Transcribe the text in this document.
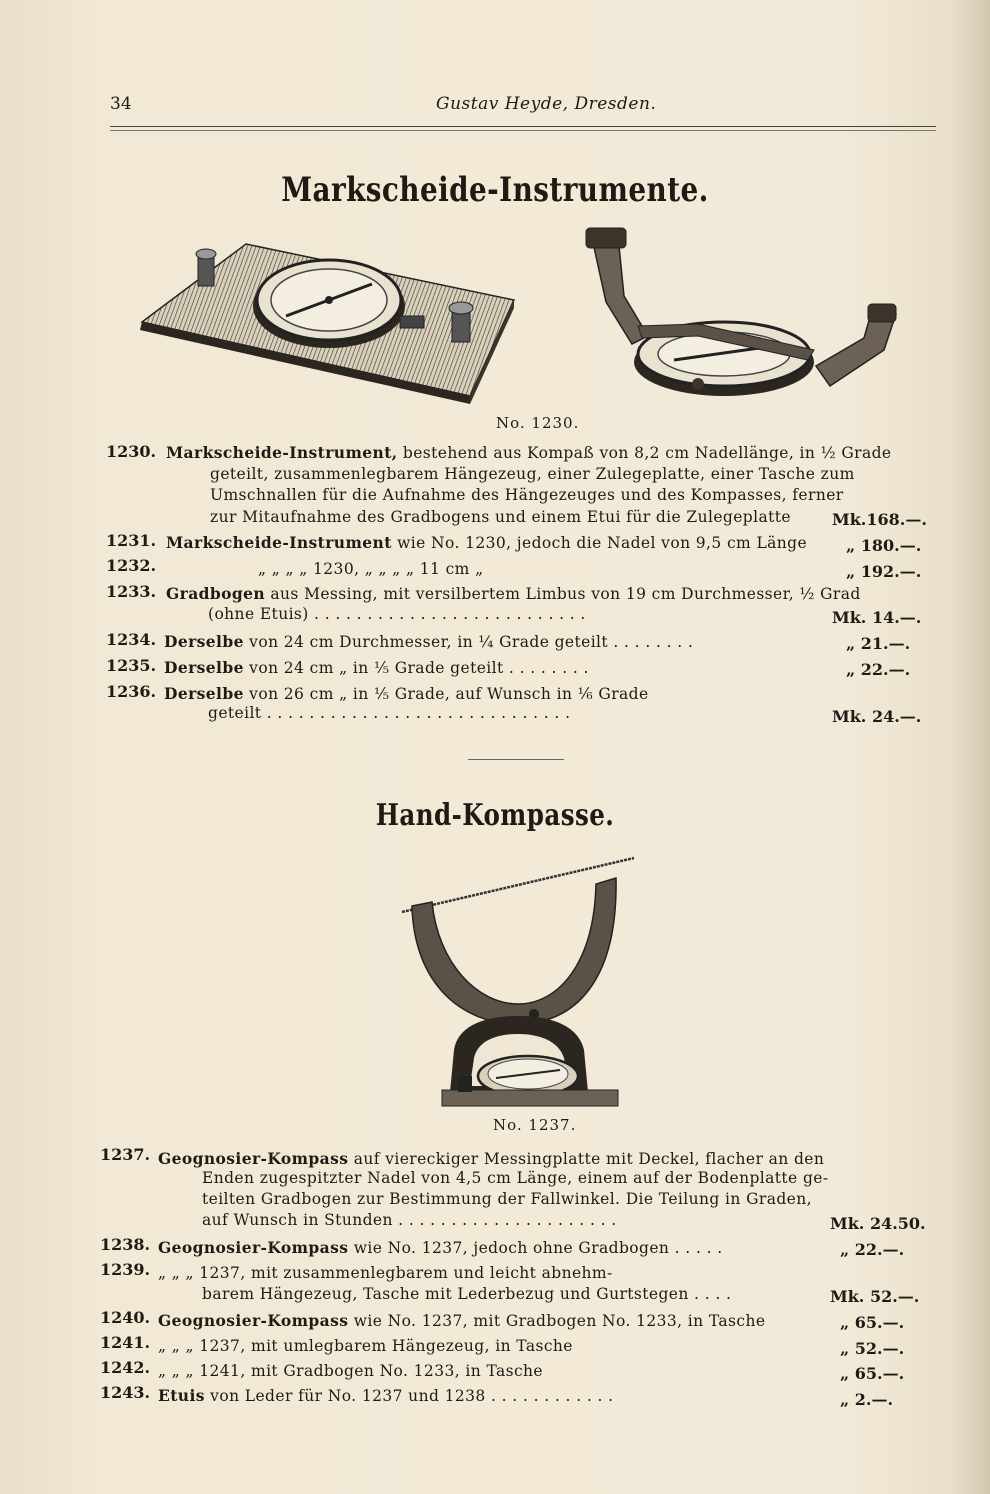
34	Gustav Heyde, Dresden.
Markscheide-Instrumente.
No. 1230.
1230. Markscheide-Instrument, bestehend aus Kompaß von 8,2 cm Nadellänge, in ½ Grade
geteilt, zusammenlegbarem Hängezeug, einer Zulegeplatte, einer Tasche zum
Umschnallen für die Aufnahme des Hängezeuges und des Kompasses, ferner
zur Mitaufnahme des Gradbogens und einem Etui für die Zulegeplatte	Mk.168.—.
1231. Markscheide-Instrument wie No. 1230, jedoch die Nadel von 9,5 cm Länge „ 180.—.
1232.	„ „ „ „ 1230, „ „ „ „ 11 cm „	„ 192.—.
1233. Gradbogen aus Messing, mit versilbertem Limbus von 19 cm Durchmesser, ½ Grad
(ohne Etuis) . . . . . . . . . . . . . . . . . . . . . . . . . .	Mk. 14.—.
1234. Derselbe von 24 cm Durchmesser, in ¼ Grade geteilt . . . . . . . .	„ 21.—.
1235. Derselbe von 24 cm „ in ⅕ Grade geteilt . . . . . . . .	„ 22.—.
1236. Derselbe von 26 cm „ in ⅕ Grade, auf Wunsch in ⅙ Grade
geteilt . . . . . . . . . . . . . . . . . . . . . . . . . . . . .	Mk. 24.—.
Hand-Kompasse.
No. 1237.
1237. Geognosier-Kompass auf viereckiger Messingplatte mit Deckel, flacher an den
Enden zugespitzter Nadel von 4,5 cm Länge, einem auf der Bodenplatte ge-
teilten Gradbogen zur Bestimmung der Fallwinkel. Die Teilung in Graden,
auf Wunsch in Stunden . . . . . . . . . . . . . . . . . . . . .	Mk. 24.50.
1238. Geognosier-Kompass wie No. 1237, jedoch ohne Gradbogen . . . . .	„ 22.—.
1239. „ „ „ 1237, mit zusammenlegbarem und leicht abnehm-
barem Hängezeug, Tasche mit Lederbezug und Gurtstegen . . . .	Mk. 52.—.
1240. Geognosier-Kompass wie No. 1237, mit Gradbogen No. 1233, in Tasche	„ 65.—.
1241. „ „ „ 1237, mit umlegbarem Hängezeug, in Tasche	„ 52.—.
1242. „ „ „ 1241, mit Gradbogen No. 1233, in Tasche	„ 65.—.
1243. Etuis von Leder für No. 1237 und 1238 . . . . . . . . . . . .	„ 2.—.
